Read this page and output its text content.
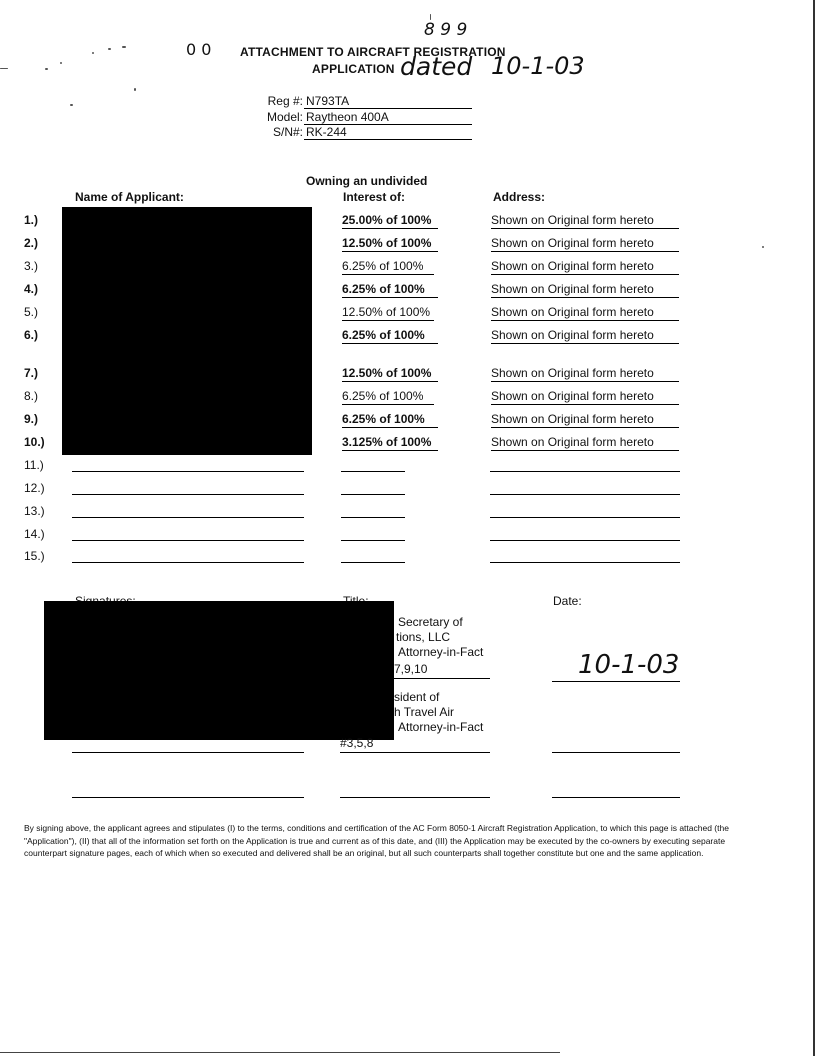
0 0
8 9 9
ATTACHMENT TO AIRCRAFT REGISTRATION
APPLICATION dated 10-1-03
Reg #: N793TA
Model: Raytheon 400A
S/N#: RK-244
Owning an undivided
Name of Applicant:	Interest of:	Address:
1.)	25.00% of 100%	Shown on Original form hereto
2.)	12.50% of 100%	Shown on Original form hereto
3.)	6.25% of 100%	Shown on Original form hereto
4.)	6.25% of 100%	Shown on Original form hereto
5.)	12.50% of 100%	Shown on Original form hereto
6.)	6.25% of 100%	Shown on Original form hereto
7.)	12.50% of 100%	Shown on Original form hereto
8.)	6.25% of 100%	Shown on Original form hereto
9.)	6.25% of 100%	Shown on Original form hereto
10.)	3.125% of 100%	Shown on Original form hereto
11.)
12.)
13.)
14.)
15.)
Date:
Secretary of
tions, LLC
Attorney-in-Fact
7,9,10	10-1-03
sident of
h Travel Air
Attorney-in-Fact
#3,5,8
By signing above, the applicant agrees and stipulates (I) to the terms, conditions and certification of the AC Form 8050-1 Aircraft Registration Application, to which this page is attached (the "Application"), (II) that all of the information set forth on the Application is true and current as of this date, and (III) the Application may be executed by the co-owners by executing separate counterpart signature pages, each of which when so executed and delivered shall be an original, but all such counterparts shall together constitute but one and the same application.
